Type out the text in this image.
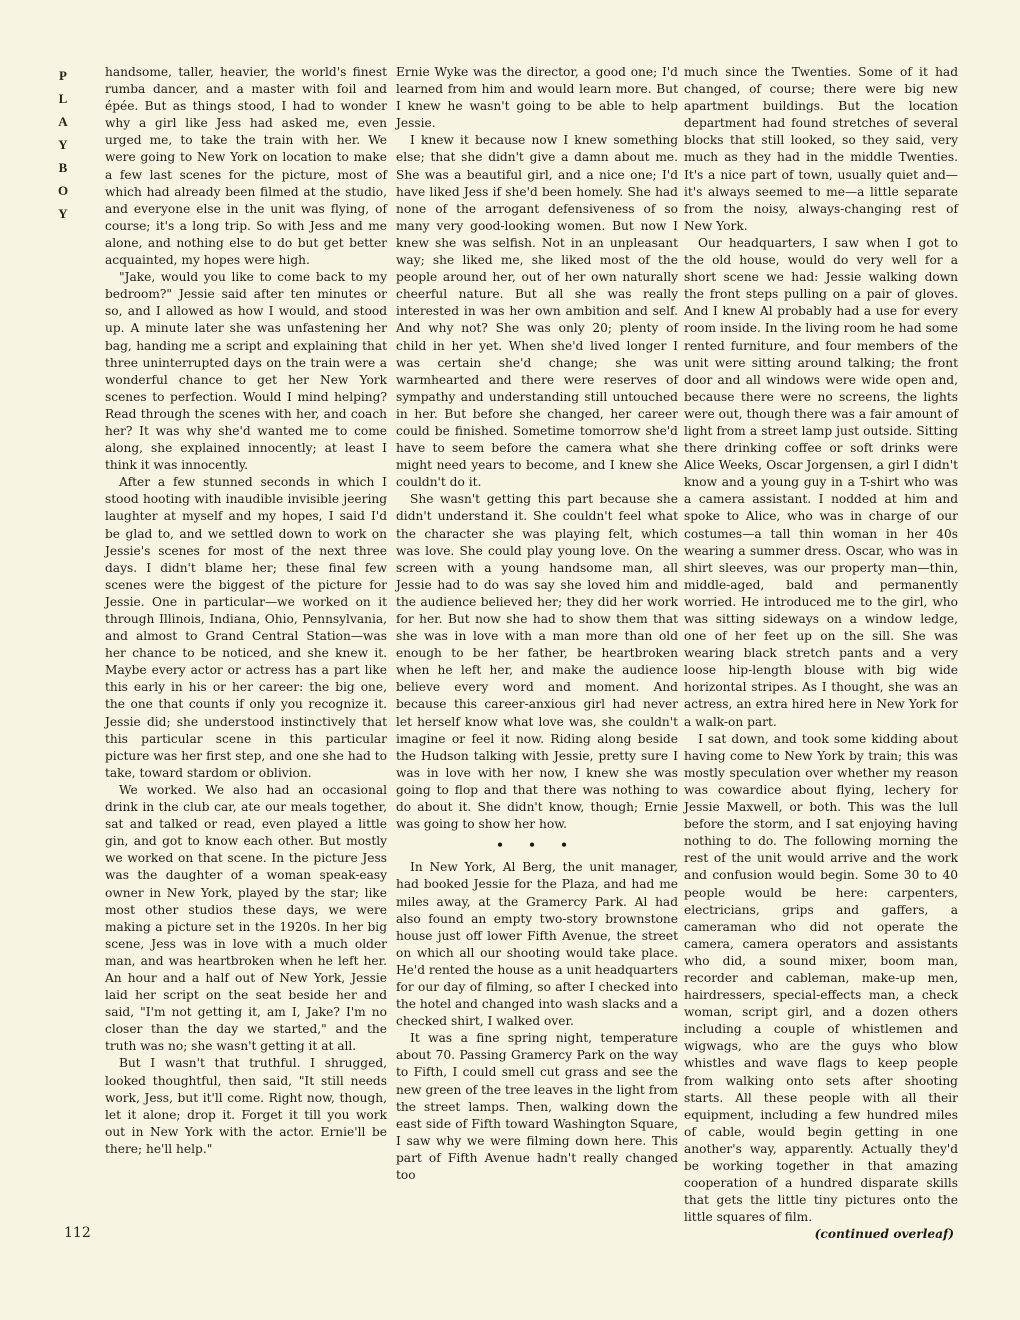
P
L
A
Y
B
O
Y
112

handsome, taller, heavier, the world's finest rumba dancer, and a master with foil and épée. But as things stood, I had to wonder why a girl like Jess had asked me, even urged me, to take the train with her. We were going to New York on location to make a few last scenes for the picture, most of which had already been filmed at the studio, and everyone else in the unit was flying, of course; it's a long trip. So with Jess and me alone, and nothing else to do but get better acquainted, my hopes were high.

"Jake, would you like to come back to my bedroom?" Jessie said after ten minutes or so, and I allowed as how I would, and stood up. A minute later she was unfastening her bag, handing me a script and explaining that three uninterrupted days on the train were a wonderful chance to get her New York scenes to perfection. Would I mind helping? Read through the scenes with her, and coach her? It was why she'd wanted me to come along, she explained innocently; at least I think it was innocently.

After a few stunned seconds in which I stood hooting with inaudible invisible jeering laughter at myself and my hopes, I said I'd be glad to, and we settled down to work on Jessie's scenes for most of the next three days. I didn't blame her; these final few scenes were the biggest of the picture for Jessie. One in particular—we worked on it through Illinois, Indiana, Ohio, Pennsylvania, and almost to Grand Central Station—was her chance to be noticed, and she knew it. Maybe every actor or actress has a part like this early in his or her career: the big one, the one that counts if only you recognize it. Jessie did; she understood instinctively that this particular scene in this particular picture was her first step, and one she had to take, toward stardom or oblivion.

We worked. We also had an occasional drink in the club car, ate our meals together, sat and talked or read, even played a little gin, and got to know each other. But mostly we worked on that scene. In the picture Jess was the daughter of a woman speak-easy owner in New York, played by the star; like most other studios these days, we were making a picture set in the 1920s. In her big scene, Jess was in love with a much older man, and was heartbroken when he left her. An hour and a half out of New York, Jessie laid her script on the seat beside her and said, "I'm not getting it, am I, Jake? I'm no closer than the day we started," and the truth was no; she wasn't getting it at all.

But I wasn't that truthful. I shrugged, looked thoughtful, then said, "It still needs work, Jess, but it'll come. Right now, though, let it alone; drop it. Forget it till you work out in New York with the actor. Ernie'll be there; he'll help."

Ernie Wyke was the director, a good one; I'd learned from him and would learn more. But I knew he wasn't going to be able to help Jessie.

I knew it because now I knew something else; that she didn't give a damn about me. She was a beautiful girl, and a nice one; I'd have liked Jess if she'd been homely. She had none of the arrogant defensiveness of so many very good-looking women. But now I knew she was selfish. Not in an unpleasant way; she liked me, she liked most of the people around her, out of her own naturally cheerful nature. But all she was really interested in was her own ambition and self. And why not? She was only 20; plenty of child in her yet. When she'd lived longer I was certain she'd change; she was warmhearted and there were reserves of sympathy and understanding still untouched in her. But before she changed, her career could be finished. Sometime tomorrow she'd have to seem before the camera what she might need years to become, and I knew she couldn't do it.

She wasn't getting this part because she didn't understand it. She couldn't feel what the character she was playing felt, which was love. She could play young love. On the screen with a young handsome man, all Jessie had to do was say she loved him and the audience believed her; they did her work for her. But now she had to show them that she was in love with a man more than old enough to be her father, be heartbroken when he left her, and make the audience believe every word and moment. And because this career-anxious girl had never let herself know what love was, she couldn't imagine or feel it now. Riding along beside the Hudson talking with Jessie, pretty sure I was in love with her now, I knew she was going to flop and that there was nothing to do about it. She didn't know, though; Ernie was going to show her how.

• • •

In New York, Al Berg, the unit manager, had booked Jessie for the Plaza, and had me miles away, at the Gramercy Park. Al had also found an empty two-story brownstone house just off lower Fifth Avenue, the street on which all our shooting would take place. He'd rented the house as a unit headquarters for our day of filming, so after I checked into the hotel and changed into wash slacks and a checked shirt, I walked over.

It was a fine spring night, temperature about 70. Passing Gramercy Park on the way to Fifth, I could smell cut grass and see the new green of the tree leaves in the light from the street lamps. Then, walking down the east side of Fifth toward Washington Square, I saw why we were filming down here. This part of Fifth Avenue hadn't really changed too

much since the Twenties. Some of it had changed, of course; there were big new apartment buildings. But the location department had found stretches of several blocks that still looked, so they said, very much as they had in the middle Twenties. It's a nice part of town, usually quiet and—it's always seemed to me—a little separate from the noisy, always-changing rest of New York.

Our headquarters, I saw when I got to the old house, would do very well for a short scene we had: Jessie walking down the front steps pulling on a pair of gloves. And I knew Al probably had a use for every room inside. In the living room he had some rented furniture, and four members of the unit were sitting around talking; the front door and all windows were wide open and, because there were no screens, the lights were out, though there was a fair amount of light from a street lamp just outside. Sitting there drinking coffee or soft drinks were Alice Weeks, Oscar Jorgensen, a girl I didn't know and a young guy in a T-shirt who was a camera assistant. I nodded at him and spoke to Alice, who was in charge of our costumes—a tall thin woman in her 40s wearing a summer dress. Oscar, who was in shirt sleeves, was our property man—thin, middle-aged, bald and permanently worried. He introduced me to the girl, who was sitting sideways on a window ledge, one of her feet up on the sill. She was wearing black stretch pants and a very loose hip-length blouse with big wide horizontal stripes. As I thought, she was an actress, an extra hired here in New York for a walk-on part.

I sat down, and took some kidding about having come to New York by train; this was mostly speculation over whether my reason was cowardice about flying, lechery for Jessie Maxwell, or both. This was the lull before the storm, and I sat enjoying having nothing to do. The following morning the rest of the unit would arrive and the work and confusion would begin. Some 30 to 40 people would be here: carpenters, electricians, grips and gaffers, a cameraman who did not operate the camera, camera operators and assistants who did, a sound mixer, boom man, recorder and cableman, make-up men, hairdressers, special-effects man, a check woman, script girl, and a dozen others including a couple of whistlemen and wigwags, who are the guys who blow whistles and wave flags to keep people from walking onto sets after shooting starts. All these people with all their equipment, including a few hundred miles of cable, would begin getting in one another's way, apparently. Actually they'd be working together in that amazing cooperation of a hundred disparate skills that gets the little tiny pictures onto the little squares of film.

(continued overleaf)
